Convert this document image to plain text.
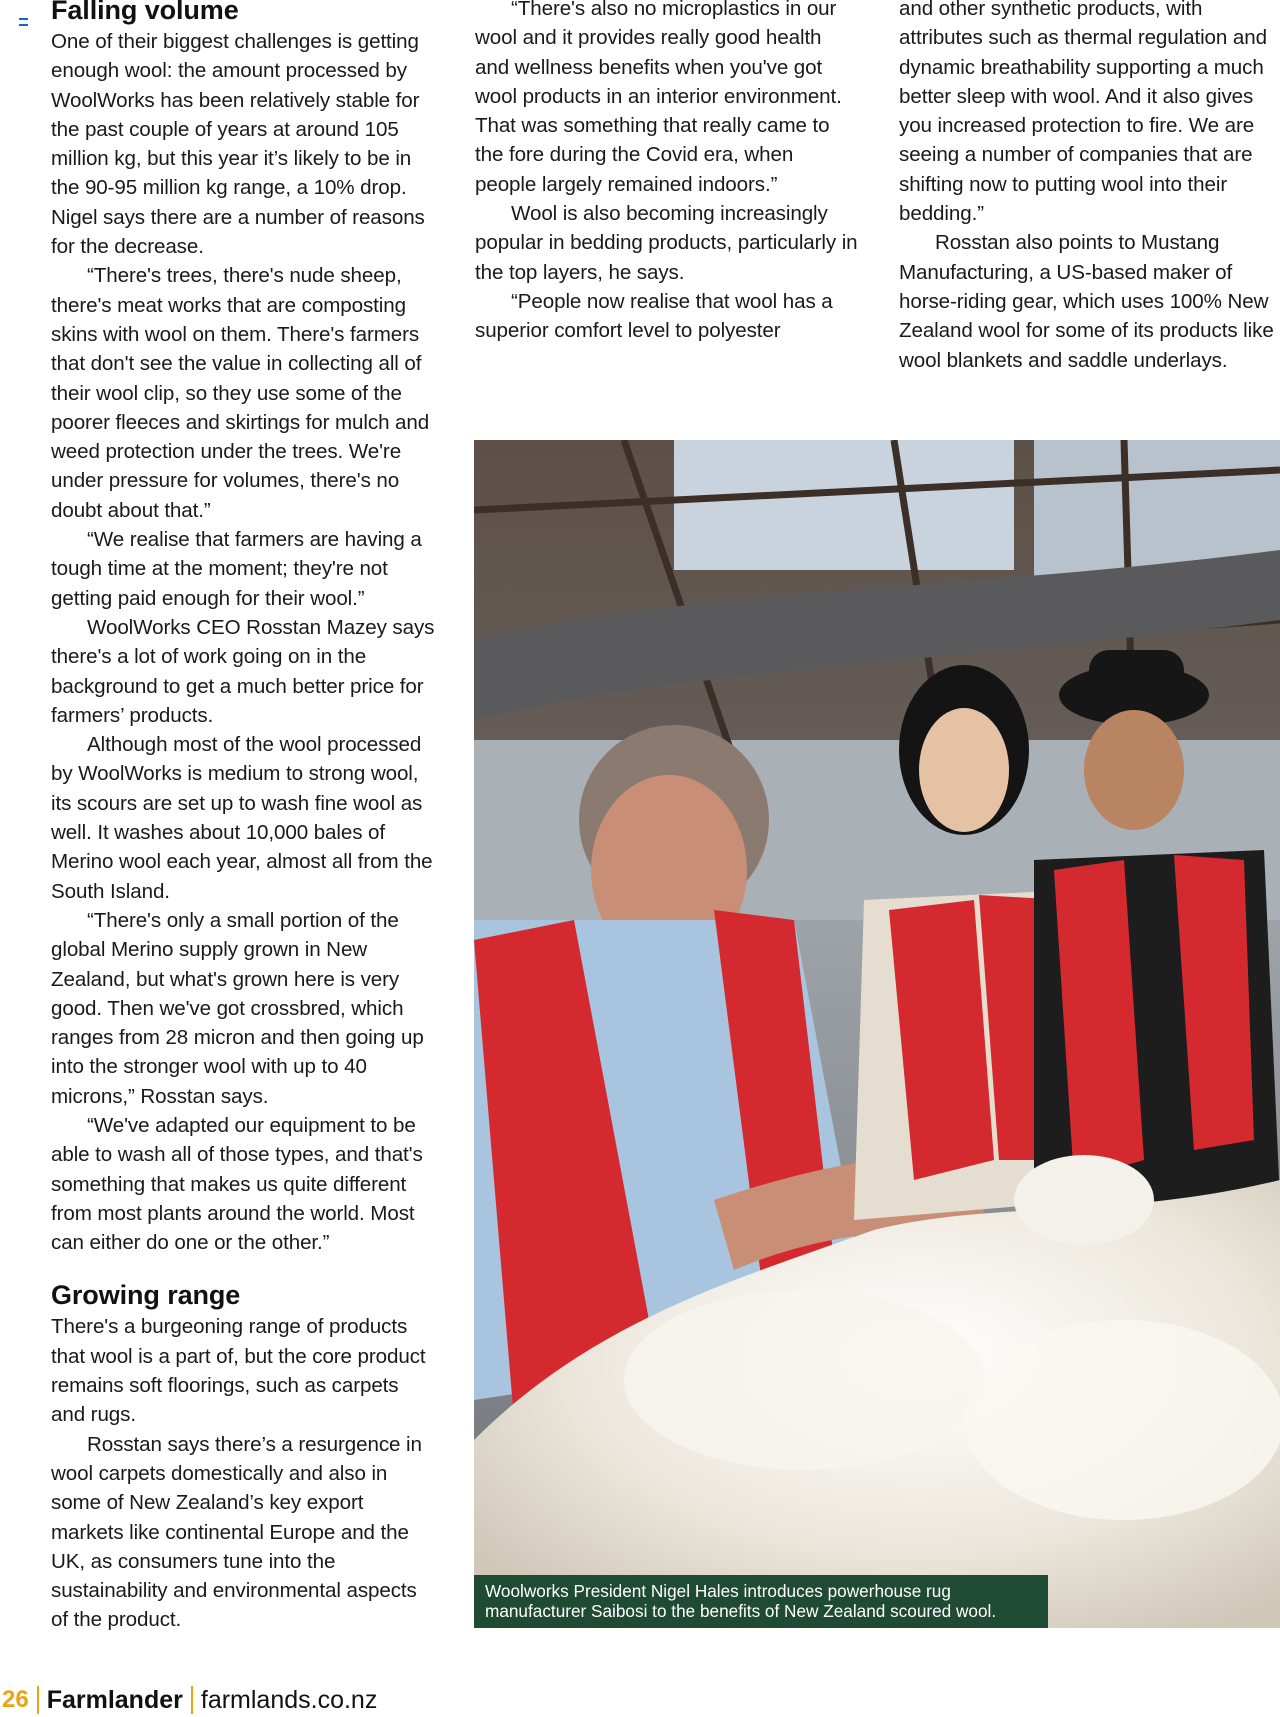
Falling volume

One of their biggest challenges is getting enough wool: the amount processed by WoolWorks has been relatively stable for the past couple of years at around 105 million kg, but this year it’s likely to be in the 90-95 million kg range, a 10% drop. Nigel says there are a number of reasons for the decrease.

“There's trees, there's nude sheep, there's meat works that are composting skins with wool on them. There's farmers that don't see the value in collecting all of their wool clip, so they use some of the poorer fleeces and skirtings for mulch and weed protection under the trees. We're under pressure for volumes, there's no doubt about that.”

“We realise that farmers are having a tough time at the moment; they're not getting paid enough for their wool.”

WoolWorks CEO Rosstan Mazey says there's a lot of work going on in the background to get a much better price for farmers’ products.

Although most of the wool processed by WoolWorks is medium to strong wool, its scours are set up to wash fine wool as well. It washes about 10,000 bales of Merino wool each year, almost all from the South Island.

“There's only a small portion of the global Merino supply grown in New Zealand, but what's grown here is very good. Then we've got crossbred, which ranges from 28 micron and then going up into the stronger wool with up to 40 microns,” Rosstan says.

“We've adapted our equipment to be able to wash all of those types, and that's something that makes us quite different from most plants around the world. Most can either do one or the other.”

Growing range

There's a burgeoning range of products that wool is a part of, but the core product remains soft floorings, such as carpets and rugs.

Rosstan says there’s a resurgence in wool carpets domestically and also in some of New Zealand’s key export markets like continental Europe and the UK, as consumers tune into the sustainability and environmental aspects of the product.

“There's also no microplastics in our wool and it provides really good health and wellness benefits when you've got wool products in an interior environment. That was something that really came to the fore during the Covid era, when people largely remained indoors.”

Wool is also becoming increasingly popular in bedding products, particularly in the top layers, he says.

“People now realise that wool has a superior comfort level to polyester

and other synthetic products, with attributes such as thermal regulation and dynamic breathability supporting a much better sleep with wool. And it also gives you increased protection to fire. We are seeing a number of companies that are shifting now to putting wool into their bedding.”

Rosstan also points to Mustang Manufacturing, a US-based maker of horse-riding gear, which uses 100% New Zealand wool for some of its products like wool blankets and saddle underlays.

Woolworks President Nigel Hales introduces powerhouse rug manufacturer Saibosi to the benefits of New Zealand scoured wool.
26 Farmlander farmlands.co.nz
